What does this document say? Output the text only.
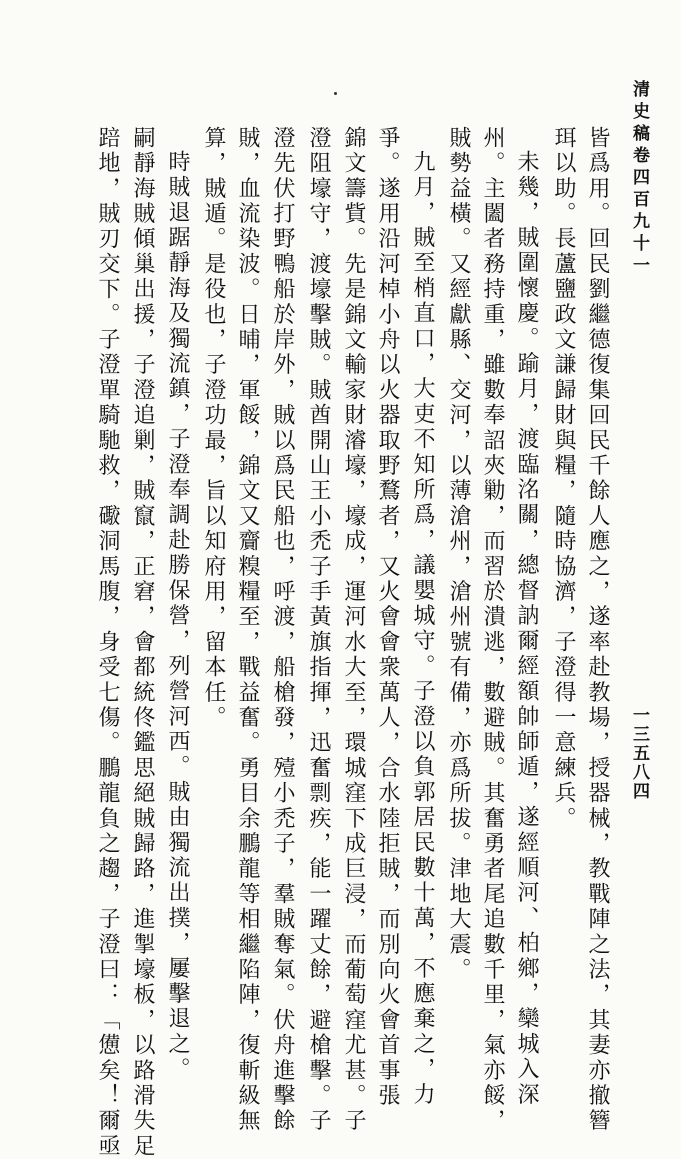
清史稿卷四百九十一
一三五八四
皆爲用。回民劉繼德復集回民千餘人應之，遂率赴教場，授器械，教戰陣之法，其妻亦撤簪
珥以助。長蘆鹽政文謙歸財與糧，隨時協濟，子澄得一意練兵。
未幾，賊圍懷慶。踰月，渡臨洺關，總督訥爾經額帥師遁，遂經順河、柏鄉，欒城入深
州。主闔者務持重，雖數奉詔夾勦，而習於潰逃，數避賊。其奮勇者尾追數千里，氣亦餒，
賊勢益橫。又經獻縣、交河，以薄滄州，滄州號有備，亦爲所拔。津地大震。
九月，賊至梢直口，大吏不知所爲，議嬰城守。子澄以負郭居民數十萬，不應棄之，力
爭。遂用沿河棹小舟以火器取野鶩者，又火會會衆萬人，合水陸拒賊，而別向火會首事張
錦文籌貲。先是錦文輸家財濬壕，壕成，運河水大至，環城窪下成巨浸，而葡萄窪尤甚。子
澄阻壕守，渡壕擊賊。賊酋開山王小禿子手黃旗指揮，迅奮剽疾，能一躍丈餘，避槍擊。子
澄先伏打野鴨船於岸外，賊以爲民船也，呼渡，船槍發，殪小禿子，羣賊奪氣。伏舟進擊餘
賊，血流染波。日晡，軍餒，錦文又齎糗糧至，戰益奮。勇目余鵬龍等相繼陷陣，復斬級無
算，賊遁。是役也，子澄功最，旨以知府用，留本任。
時賊退踞靜海及獨流鎮，子澄奉調赴勝保營，列營河西。賊由獨流出撲，屢擊退之。
嗣靜海賊傾巢出援，子澄追剿，賊竄，正窘，會都統佟鑑思絕賊歸路，進掣壕板，以路滑失足
踣地，賊刃交下。子澄單騎馳救，礮洞馬腹，身受七傷。鵬龍負之趨，子澄曰：「憊矣！爾亟
